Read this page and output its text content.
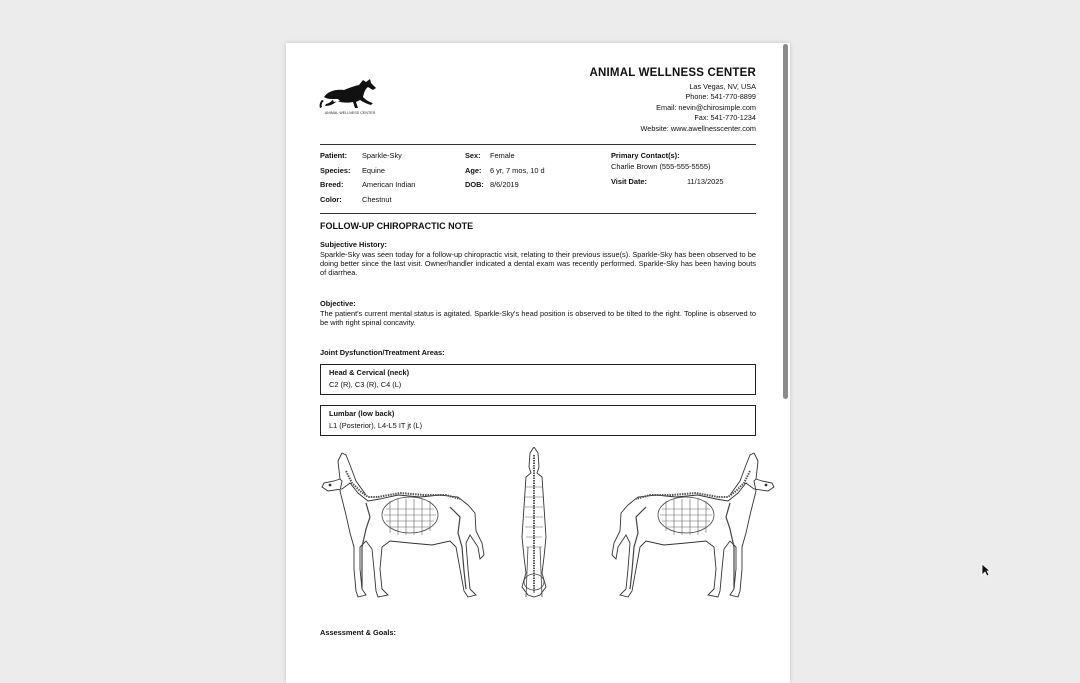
ANIMAL WELLNESS CENTER
ANIMAL WELLNESS CENTER
Las Vegas, NV, USA
Phone: 541-770-8899
Email: nevin@chirosimple.com
Fax: 541-770-1234
Website: www.awellnesscenter.com
Patient: Sparkle-Sky
Species: Equine
Breed:	American Indian
Color:	Chestnut
Sex: Female
Age: 6 yr, 7 mos, 10 d
DOB: 8/6/2019
Primary Contact(s):
Charlie Brown (555-555-5555)
Visit Date:	11/13/2025
FOLLOW-UP CHIROPRACTIC NOTE
Subjective History:
Sparkle-Sky was seen today for a follow-up chiropractic visit, relating to their previous issue(s). Sparkle-Sky has been observed to be doing better since the last visit. Owner/handler indicated a dental exam was recently performed. Sparkle-Sky has been having bouts of diarrhea.
Objective:
The patient's current mental status is agitated. Sparkle-Sky's head position is observed to be tilted to the right. Topline is observed to be with right spinal concavity.
Joint Dysfunction/Treatment Areas:
Head & Cervical (neck)
C2 (R), C3 (R), C4 (L)
Lumbar (low back)
L1 (Posterior), L4-L5 IT jt (L)
Assessment & Goals:
